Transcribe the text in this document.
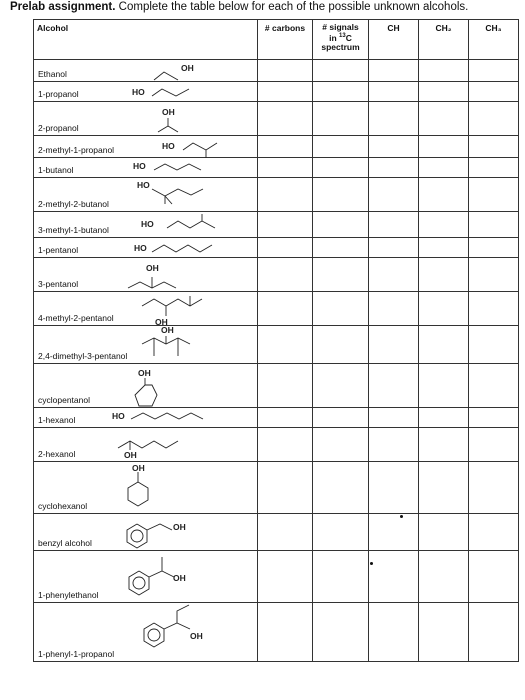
Prelab assignment. Complete the table below for each of the possible unknown alcohols.
Alcohol	# carbons	# signals
in $^{13}$C
spectrum	CH	CH₂	CH₃

OH
Ethanol					

HO
1-propanol					

OH
2-propanol					

HO
2-methyl-1-propanol					

HO
1-butanol					

HO
2-methyl-2-butanol					

HO
3-methyl-1-butanol					

HO
1-pentanol					

OH
3-pentanol					

OH
4-methyl-2-pentanol					

OH
2,4-dimethyl-3-pentanol					

OH
cyclopentanol					

HO
1-hexanol					

OH
2-hexanol					

OH
cyclohexanol					

OH
benzyl alcohol					

OH
1-phenylethanol					

OH
1-phenyl-1-propanol					
